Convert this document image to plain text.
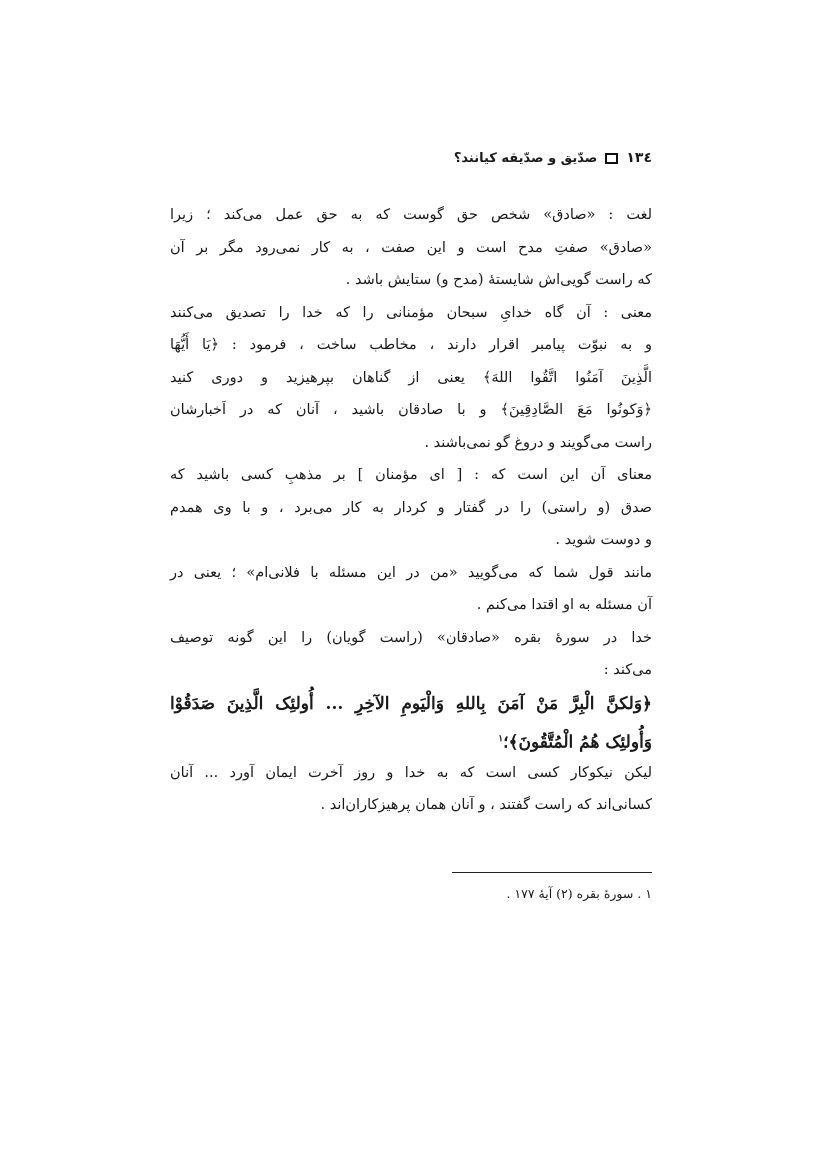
١٣٤
صدّیق و صدّیقه کیانند؟
لغت : «صادق» شخص حق گوست که به حق عمل می‌کند ؛ زیرا
«صادق» صفتِ مدح است و این صفت ، به کار نمی‌رود مگر بر آن
که راست گویی‌اش شایستهٔ (مدح و) ستایش باشد .
معنی : آن گاه خدایِ سبحان مؤمنانی را که خدا را تصدیق می‌کنند
و به نبوّت پیامبر اقرار دارند ، مخاطب ساخت ، فرمود : ﴿یَا أَیُّهَا
الَّذِینَ آمَنُوا اتَّقُوا اللهَ﴾ یعنی از گناهان بپرهیزید و دوری کنید
﴿وَکونُوا مَعَ الصَّادِقِینَ﴾ و با صادقان باشید ، آنان که در اَخبارشان
راست می‌گویند و دروغ گو نمی‌باشند .
معنای آن این است که : [ ای مؤمنان ] بر مذهبِ کسی باشید که
صدق (و راستی) را در گفتار و کردار به کار می‌برد ، و با وی همدم
و دوست شوید .
مانند قول شما که می‌گویید «من در این مسئله با فلانی‌ام» ؛ یعنی در
آن مسئله به او اقتدا می‌کنم .
خدا در سورهٔ بقره «صادقان» (راست گویان) را این گونه توصیف
می‌کند :
﴿وَلکنَّ الْبِرَّ مَنْ آمَنَ بِاللهِ وَالْیَومِ الآخِرِ ... أُولئِک الَّذِینَ صَدَقُوْا
وَأُولئِک هُمُ الْمُتَّقُونَ﴾؛$^١$
لیکن نیکوکار کسی است که به خدا و روز آخرت ایمان آورد ... آنان
کسانی‌اند که راست گفتند ، و آنان همان پرهیزکاران‌اند .
١ . سورهٔ بقره (٢) آیهٔ ١٧٧ .
